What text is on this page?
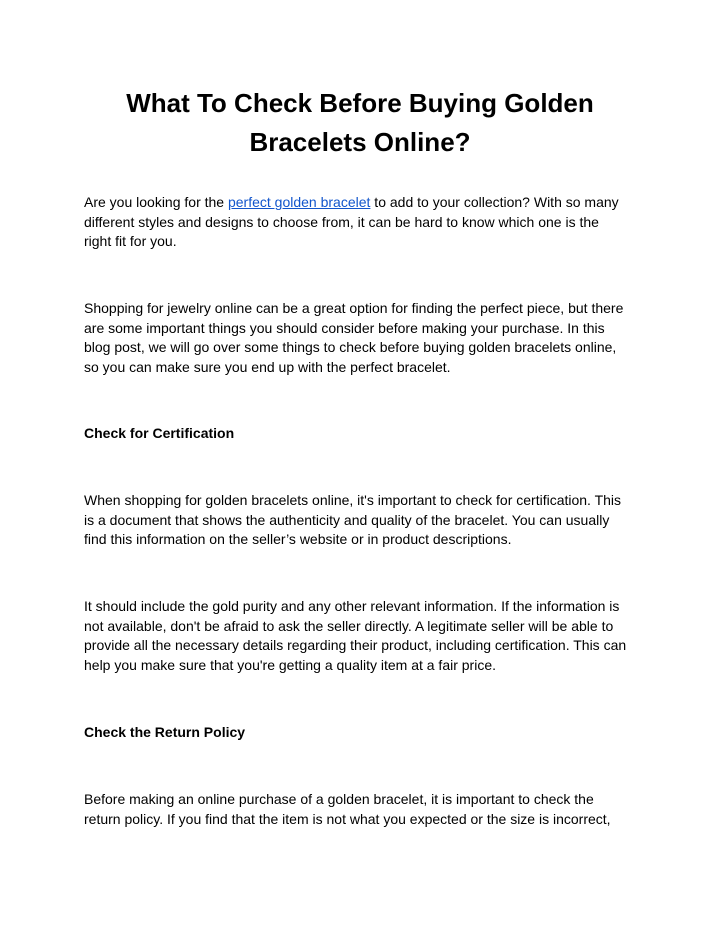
What To Check Before Buying Golden
Bracelets Online?

Are you looking for the perfect golden bracelet to add to your collection? With so many
different styles and designs to choose from, it can be hard to know which one is the
right fit for you.

Shopping for jewelry online can be a great option for finding the perfect piece, but there
are some important things you should consider before making your purchase. In this
blog post, we will go over some things to check before buying golden bracelets online,
so you can make sure you end up with the perfect bracelet.

Check for Certification

When shopping for golden bracelets online, it's important to check for certification. This
is a document that shows the authenticity and quality of the bracelet. You can usually
find this information on the seller’s website or in product descriptions.

It should include the gold purity and any other relevant information. If the information is
not available, don't be afraid to ask the seller directly. A legitimate seller will be able to
provide all the necessary details regarding their product, including certification. This can
help you make sure that you're getting a quality item at a fair price.

Check the Return Policy

Before making an online purchase of a golden bracelet, it is important to check the
return policy. If you find that the item is not what you expected or the size is incorrect,
